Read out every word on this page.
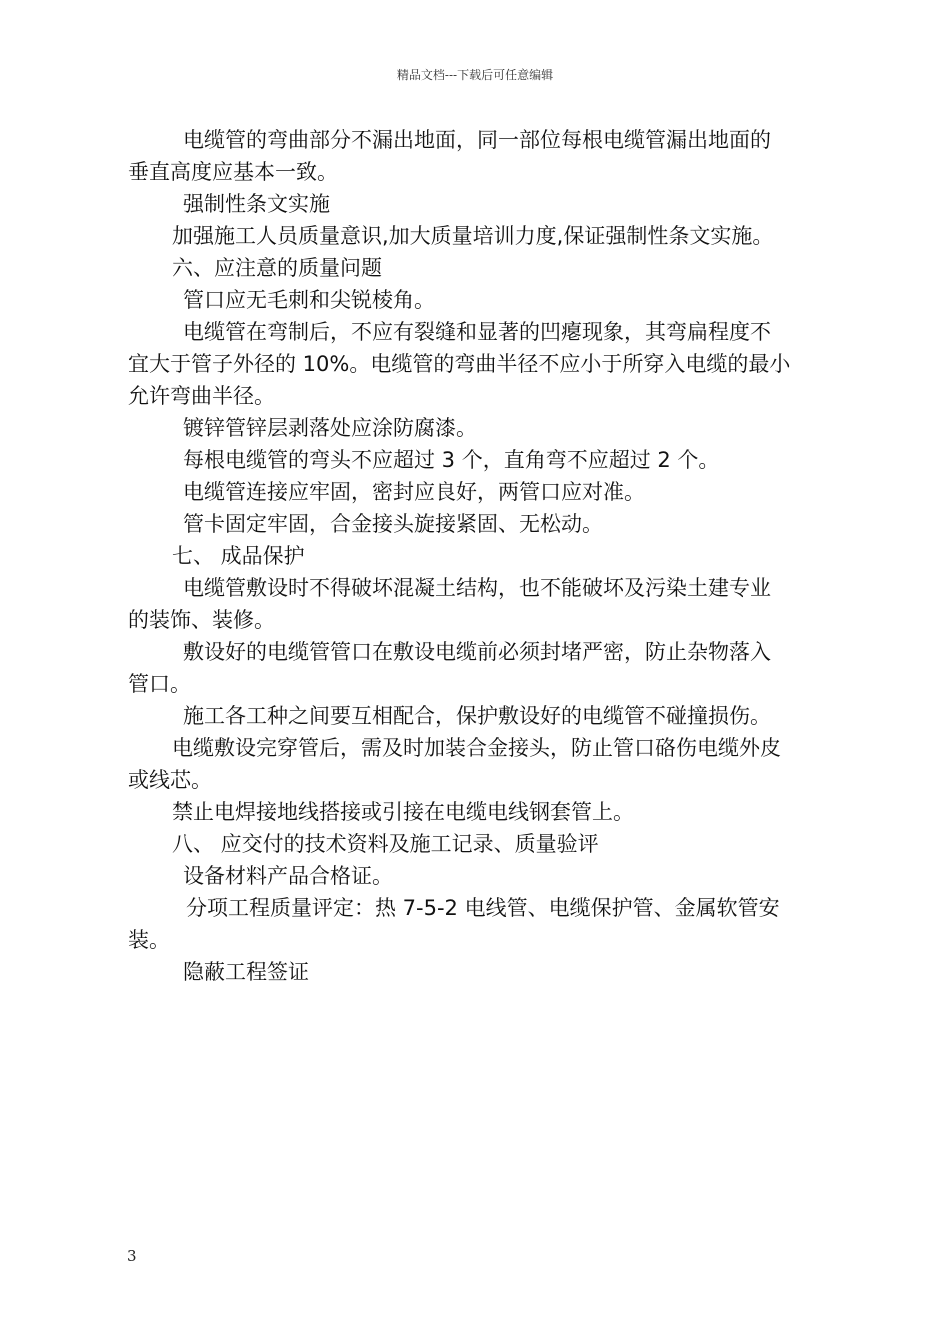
精品文档---下载后可任意编辑
电缆管的弯曲部分不漏出地面，同一部位每根电缆管漏出地面的
垂直高度应基本一致。
强制性条文实施
加强施工人员质量意识,加大质量培训力度,保证强制性条文实施。
六、应注意的质量问题
管口应无毛刺和尖锐棱角。
电缆管在弯制后，不应有裂缝和显著的凹瘪现象，其弯扁程度不
宜大于管子外径的 10%。电缆管的弯曲半径不应小于所穿入电缆的最小
允许弯曲半径。
镀锌管锌层剥落处应涂防腐漆。
每根电缆管的弯头不应超过 3 个，直角弯不应超过 2 个。
电缆管连接应牢固，密封应良好，两管口应对准。
管卡固定牢固，合金接头旋接紧固、无松动。
七、 成品保护
电缆管敷设时不得破坏混凝土结构，也不能破坏及污染土建专业
的装饰、装修。
敷设好的电缆管管口在敷设电缆前必须封堵严密，防止杂物落入
管口。
施工各工种之间要互相配合，保护敷设好的电缆管不碰撞损伤。
电缆敷设完穿管后，需及时加装合金接头，防止管口硌伤电缆外皮
或线芯。
禁止电焊接地线搭接或引接在电缆电线钢套管上。
八、 应交付的技术资料及施工记录、质量验评
设备材料产品合格证。
分项工程质量评定：热 7-5-2 电线管、电缆保护管、金属软管安
装。
隐蔽工程签证
3
